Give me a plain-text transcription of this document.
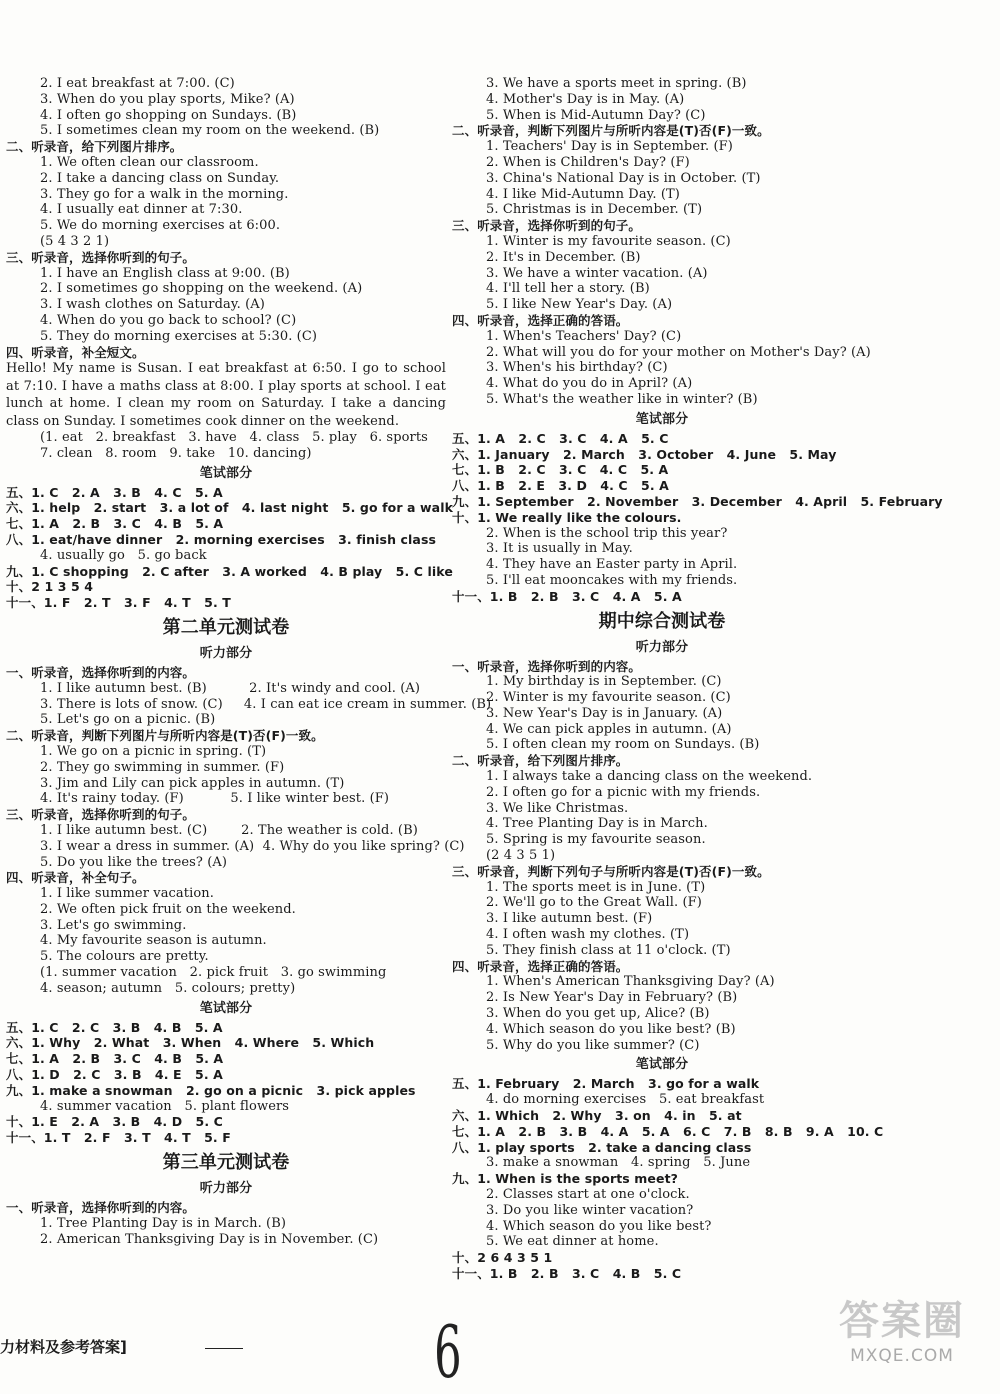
2. I eat breakfast at 7:00. (C)
3. When do you play sports, Mike? (A)
4. I often go shopping on Sundays. (B)
5. I sometimes clean my room on the weekend. (B)
二、听录音，给下列图片排序。
1. We often clean our classroom.
2. I take a dancing class on Sunday.
3. They go for a walk in the morning.
4. I usually eat dinner at 7:30.
5. We do morning exercises at 6:00.
(5 4 3 2 1)
三、听录音，选择你听到的句子。
1. I have an English class at 9:00. (B)
2. I sometimes go shopping on the weekend. (A)
3. I wash clothes on Saturday. (A)
4. When do you go back to school? (C)
5. They do morning exercises at 5:30. (C)
四、听录音，补全短文。
Hello! My name is Susan. I eat breakfast at 6:50. I go to school at 7:10. I have a maths class at 8:00. I play sports at school. I eat lunch at home. I clean my room on Saturday. I take a dancing class on Sunday. I sometimes cook dinner on the weekend.
(1. eat   2. breakfast   3. have   4. class   5. play   6. sports
7. clean   8. room   9. take   10. dancing)
笔试部分
五、1. C   2. A   3. B   4. C   5. A
六、1. help   2. start   3. a lot of   4. last night   5. go for a walk
七、1. A   2. B   3. C   4. B   5. A
八、1. eat/have dinner   2. morning exercises   3. finish class
4. usually go   5. go back
九、1. C shopping   2. C after   3. A worked   4. B play   5. C like
十、2 1 3 5 4
十一、1. F   2. T   3. F   4. T   5. T
第二单元测试卷
听力部分
一、听录音，选择你听到的内容。
1. I like autumn best. (B)          2. It's windy and cool. (A)
3. There is lots of snow. (C)     4. I can eat ice cream in summer. (B)
5. Let's go on a picnic. (B)
二、听录音，判断下列图片与所听内容是(T)否(F)一致。
1. We go on a picnic in spring. (T)
2. They go swimming in summer. (F)
3. Jim and Lily can pick apples in autumn. (T)
4. It's rainy today. (F)           5. I like winter best. (F)
三、听录音，选择你听到的句子。
1. I like autumn best. (C)        2. The weather is cold. (B)
3. I wear a dress in summer. (A)  4. Why do you like spring? (C)
5. Do you like the trees? (A)
四、听录音，补全句子。
1. I like summer vacation.
2. We often pick fruit on the weekend.
3. Let's go swimming.
4. My favourite season is autumn.
5. The colours are pretty.
(1. summer vacation   2. pick fruit   3. go swimming
4. season; autumn   5. colours; pretty)
笔试部分
五、1. C   2. C   3. B   4. B   5. A
六、1. Why   2. What   3. When   4. Where   5. Which
七、1. A   2. B   3. C   4. B   5. A
八、1. D   2. C   3. B   4. E   5. A
九、1. make a snowman   2. go on a picnic   3. pick apples
4. summer vacation   5. plant flowers
十、1. E   2. A   3. B   4. D   5. C
十一、1. T   2. F   3. T   4. T   5. F
第三单元测试卷
听力部分
一、听录音，选择你听到的内容。
1. Tree Planting Day is in March. (B)
2. American Thanksgiving Day is in November. (C)
3. We have a sports meet in spring. (B)
4. Mother's Day is in May. (A)
5. When is Mid-Autumn Day? (C)
二、听录音，判断下列图片与所听内容是(T)否(F)一致。
1. Teachers' Day is in September. (F)
2. When is Children's Day? (F)
3. China's National Day is in October. (T)
4. I like Mid-Autumn Day. (T)
5. Christmas is in December. (T)
三、听录音，选择你听到的句子。
1. Winter is my favourite season. (C)
2. It's in December. (B)
3. We have a winter vacation. (A)
4. I'll tell her a story. (B)
5. I like New Year's Day. (A)
四、听录音，选择正确的答语。
1. When's Teachers' Day? (C)
2. What will you do for your mother on Mother's Day? (A)
3. When's his birthday? (C)
4. What do you do in April? (A)
5. What's the weather like in winter? (B)
笔试部分
五、1. A   2. C   3. C   4. A   5. C
六、1. January   2. March   3. October   4. June   5. May
七、1. B   2. C   3. C   4. C   5. A
八、1. B   2. E   3. D   4. C   5. A
九、1. September   2. November   3. December   4. April   5. February
十、1. We really like the colours.
2. When is the school trip this year?
3. It is usually in May.
4. They have an Easter party in April.
5. I'll eat mooncakes with my friends.
十一、1. B   2. B   3. C   4. A   5. A
期中综合测试卷
听力部分
一、听录音，选择你听到的内容。
1. My birthday is in September. (C)
2. Winter is my favourite season. (C)
3. New Year's Day is in January. (A)
4. We can pick apples in autumn. (A)
5. I often clean my room on Sundays. (B)
二、听录音，给下列图片排序。
1. I always take a dancing class on the weekend.
2. I often go for a picnic with my friends.
3. We like Christmas.
4. Tree Planting Day is in March.
5. Spring is my favourite season.
(2 4 3 5 1)
三、听录音，判断下列句子与所听内容是(T)否(F)一致。
1. The sports meet is in June. (T)
2. We'll go to the Great Wall. (F)
3. I like autumn best. (F)
4. I often wash my clothes. (T)
5. They finish class at 11 o'clock. (T)
四、听录音，选择正确的答语。
1. When's American Thanksgiving Day? (A)
2. Is New Year's Day in February? (B)
3. When do you get up, Alice? (B)
4. Which season do you like best? (B)
5. Why do you like summer? (C)
笔试部分
五、1. February   2. March   3. go for a walk
4. do morning exercises   5. eat breakfast
六、1. Which   2. Why   3. on   4. in   5. at
七、1. A   2. B   3. B   4. A   5. A   6. C   7. B   8. B   9. A   10. C
八、1. play sports   2. take a dancing class
3. make a snowman   4. spring   5. June
九、1. When is the sports meet?
2. Classes start at one o'clock.
3. Do you like winter vacation?
4. Which season do you like best?
5. We eat dinner at home.
十、2 6 4 3 5 1
十一、1. B   2. B   3. C   4. B   5. C
力材料及参考答案]	6	答案圈
MXQE.COM
